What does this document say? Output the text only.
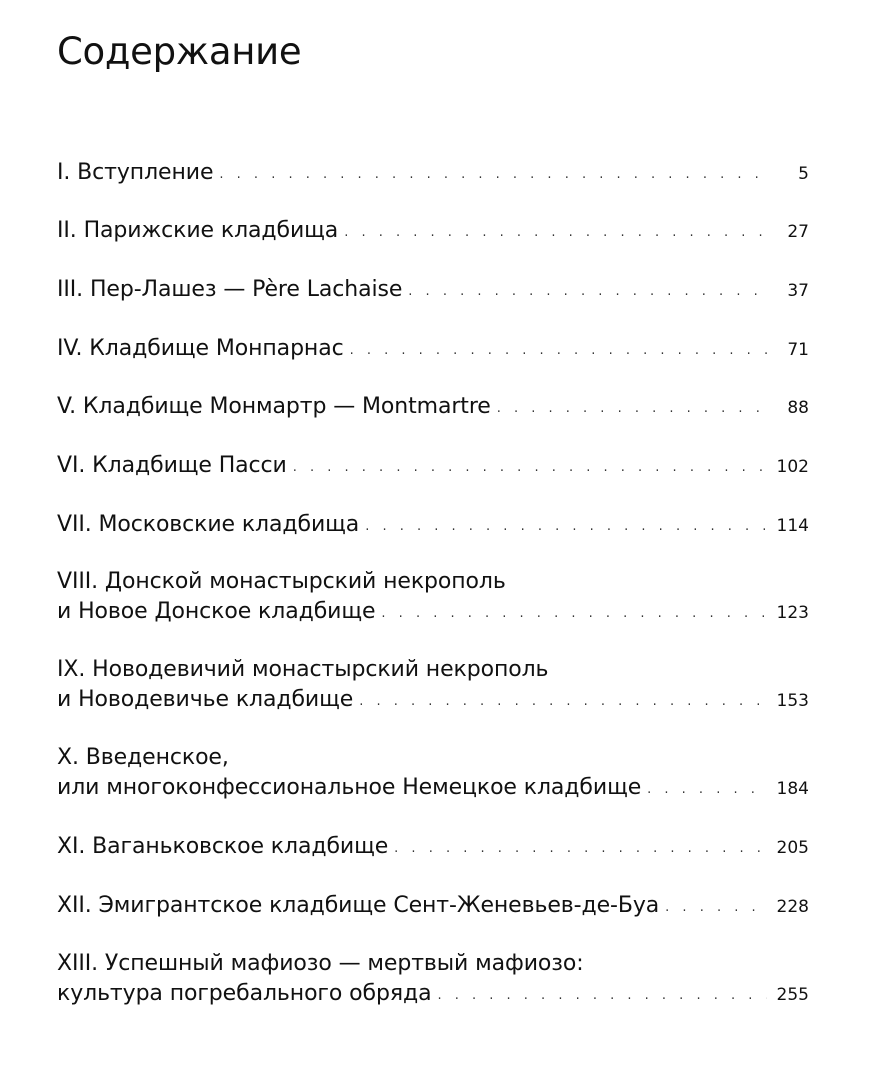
Содержание
I. Вступление . . .	5
II. Парижские кладбища . . .	27
III. Пер-Лашез — Père Lachaise . . .	37
IV. Кладбище Монпарнас . . .	71
V. Кладбище Монмартр — Montmartre . . .	88
VI. Кладбище Пасси . . .	102
VII. Московские кладбища . . .	114
VIII. Донской монастырский некрополь
и Новое Донское кладбище . . .	123
IX. Новодевичий монастырский некрополь
и Новодевичье кладбище . . .	153
X. Введенское,
или многоконфессиональное Немецкое кладбище . . .	184
XI. Ваганьковское кладбище . . .	205
XII. Эмигрантское кладбище Сент-Женевьев-де-Буа . . .	228
XIII. Успешный мафиозо — мертвый мафиозо:
культура погребального обряда . . .	255
